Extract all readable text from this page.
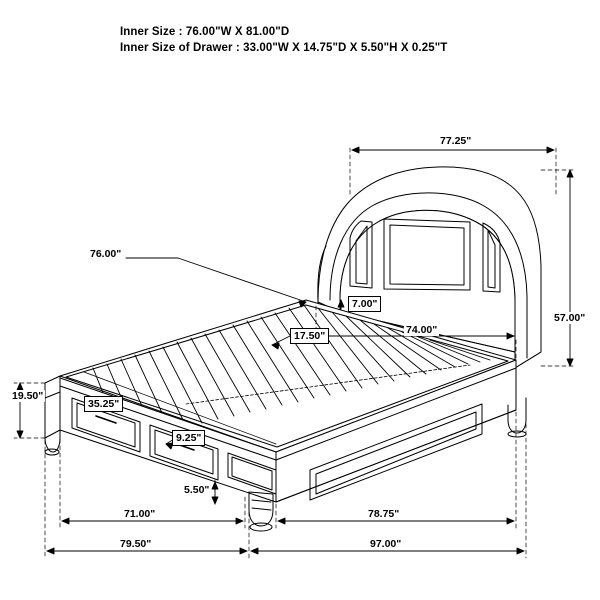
Inner Size : 76.00"W X 81.00"D
Inner Size of Drawer : 33.00"W X 14.75"D X 5.50"H X 0.25"T
77.25"
57.00"
74.00"
76.00"
7.00"
17.50"
19.50"
35.25"
9.25"
5.50"
71.00"	78.75"
79.50"	97.00"
